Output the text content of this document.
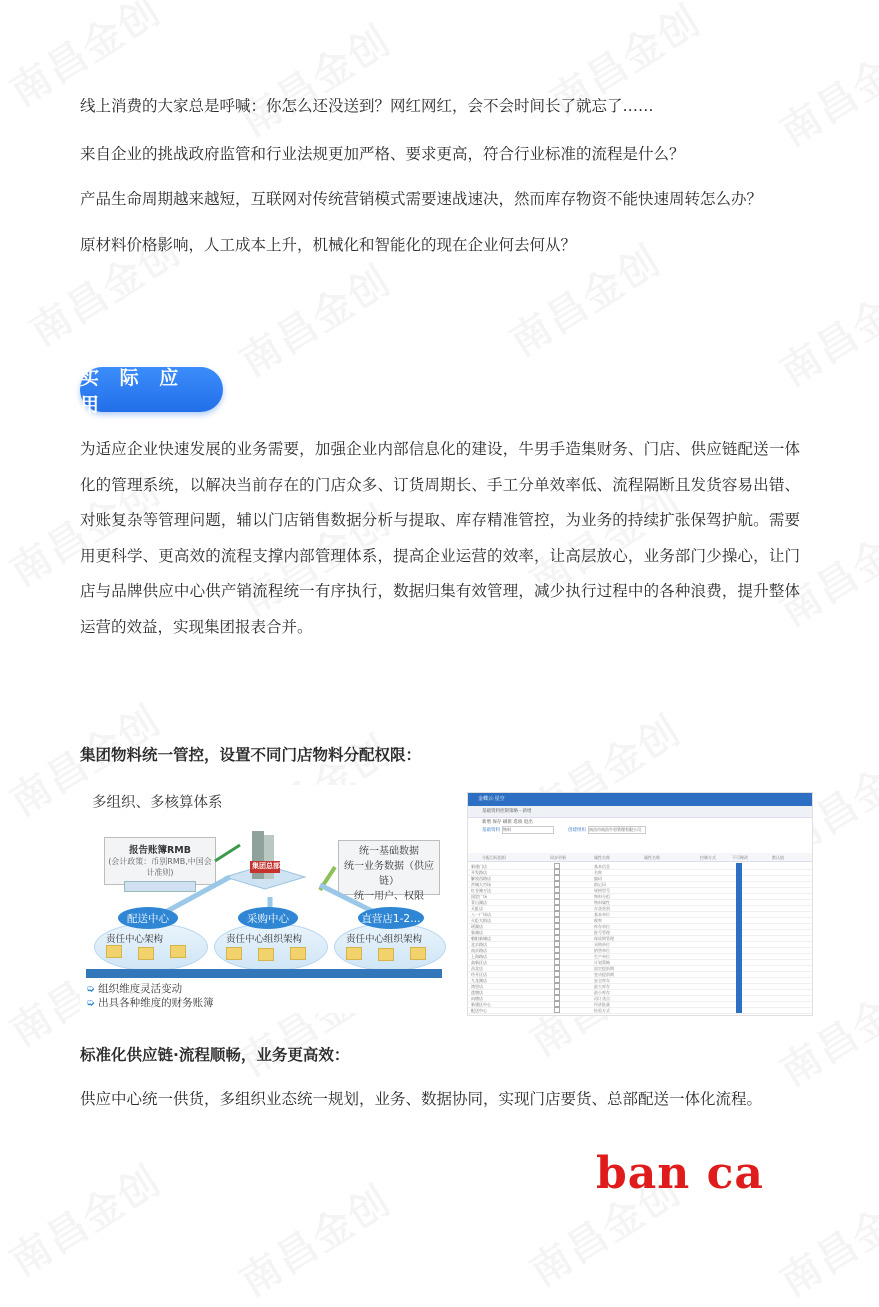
线上消费的大家总是呼喊：你怎么还没送到？网红网红，会不会时间长了就忘了……

来自企业的挑战政府监管和行业法规更加严格、要求更高，符合行业标准的流程是什么？

产品生命周期越来越短，互联网对传统营销模式需要速战速决，然而库存物资不能快速周转怎么办？

原材料价格影响，人工成本上升，机械化和智能化的现在企业何去何从？

实 际 应 用

为适应企业快速发展的业务需要，加强企业内部信息化的建设，牛男手造集财务、门店、供应链配送一体化的管理系统，以解决当前存在的门店众多、订货周期长、手工分单效率低、流程隔断且发货容易出错、对账复杂等管理问题，辅以门店销售数据分析与提取、库存精准管控，为业务的持续扩张保驾护航。需要用更科学、更高效的流程支撑内部管理体系，提高企业运营的效率，让高层放心，业务部门少操心，让门店与品牌供应中心供产销流程统一有序执行，数据归集有效管理，减少执行过程中的各种浪费，提升整体运营的效益，实现集团报表合并。

集团物料统一管控，设置不同门店物料分配权限：
多组织、多核算体系
报告账簿RMB
(会计政策：币别RMB,中国会计准则)
集团总部
统一基础数据
统一业务数据（供应链）
统一用户、权限
配送中心
责任中心架构
采购中心
责任中心组织架构
直营店1-2…
责任中心组织架构
➭ 组织维度灵活变动
➭ 出具各种维度的财务账簿
金蝶云·星空
基础资料控制策略 - 新增
新增 保存 刷新 选项 退出
基础资料 物料	创建组织 南昌市南昌牛男管理有限公司
分配目标组织	同步更新	属性名称	属性名称	控制方式	不可修改	默认值
新建门店	基本信息
开发路店	名称
解放西路店	编码
洪城大市场	助记码
红谷滩万达	规格型号
国贸广场	物料分组
青山湖店	物料属性
天虹店	存货类别
八一广场店	基本单位
火炬大街店	税率
瑶湖店	库存单位
象湖店	批号管理
朝阳新城店	保质期管理
北京路店	采购单位
南京路店	销售单位
上海路店	生产单位
高新区店	计划策略
昌北店	固定提前期
经开区店	变动提前期
九龙湖店	安全库存
湾里店	最大库存
莲塘店	最小库存
向塘店	再订货点
新建区中心	经济批量
配送中心	检验方式
标准化供应链·流程顺畅，业务更高效：

供应中心统一供货，多组织业态统一规划，业务、数据协同，实现门店要货、总部配送一体化流程。

ban ca
